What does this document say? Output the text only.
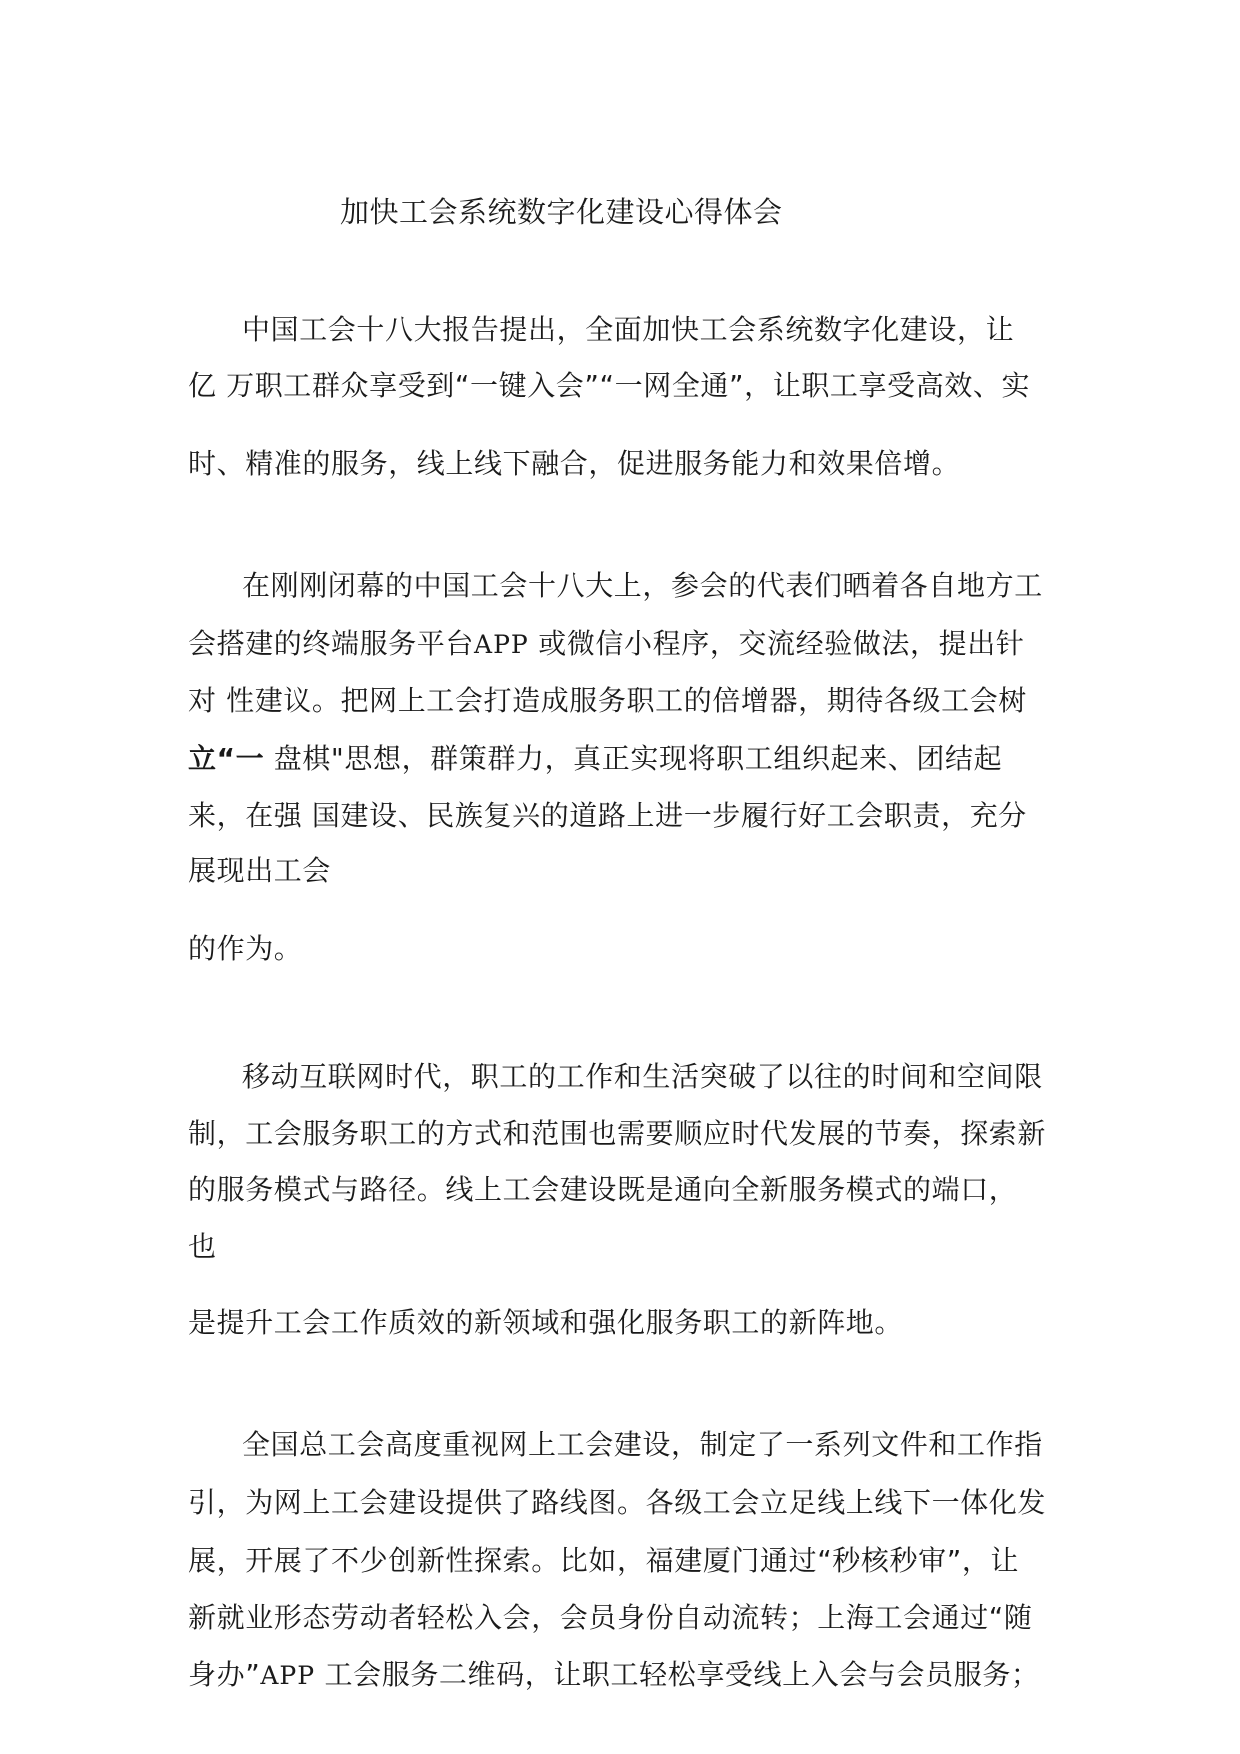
加快工会系统数字化建设心得体会
中国工会十八大报告提出，全面加快工会系统数字化建设，让
亿 万职工群众享受到“一键入会”“一网全通”，让职工享受高效、实
时、精准的服务，线上线下融合，促进服务能力和效果倍增。
在刚刚闭幕的中国工会十八大上，参会的代表们晒着各自地方工
会搭建的终端服务平台APP 或微信小程序，交流经验做法，提出针
对 性建议。把网上工会打造成服务职工的倍增器，期待各级工会树
立“一 盘棋"思想，群策群力，真正实现将职工组织起来、团结起
来，在强 国建设、民族复兴的道路上进一步履行好工会职责，充分
展现出工会
的作为。
移动互联网时代，职工的工作和生活突破了以往的时间和空间限
制，工会服务职工的方式和范围也需要顺应时代发展的节奏，探索新
的服务模式与路径。线上工会建设既是通向全新服务模式的端口，
也
是提升工会工作质效的新领域和强化服务职工的新阵地。
全国总工会高度重视网上工会建设，制定了一系列文件和工作指
引，为网上工会建设提供了路线图。各级工会立足线上线下一体化发
展，开展了不少创新性探索。比如，福建厦门通过“秒核秒审”，让
新就业形态劳动者轻松入会，会员身份自动流转；上海工会通过“随
身办”APP 工会服务二维码，让职工轻松享受线上入会与会员服务；
